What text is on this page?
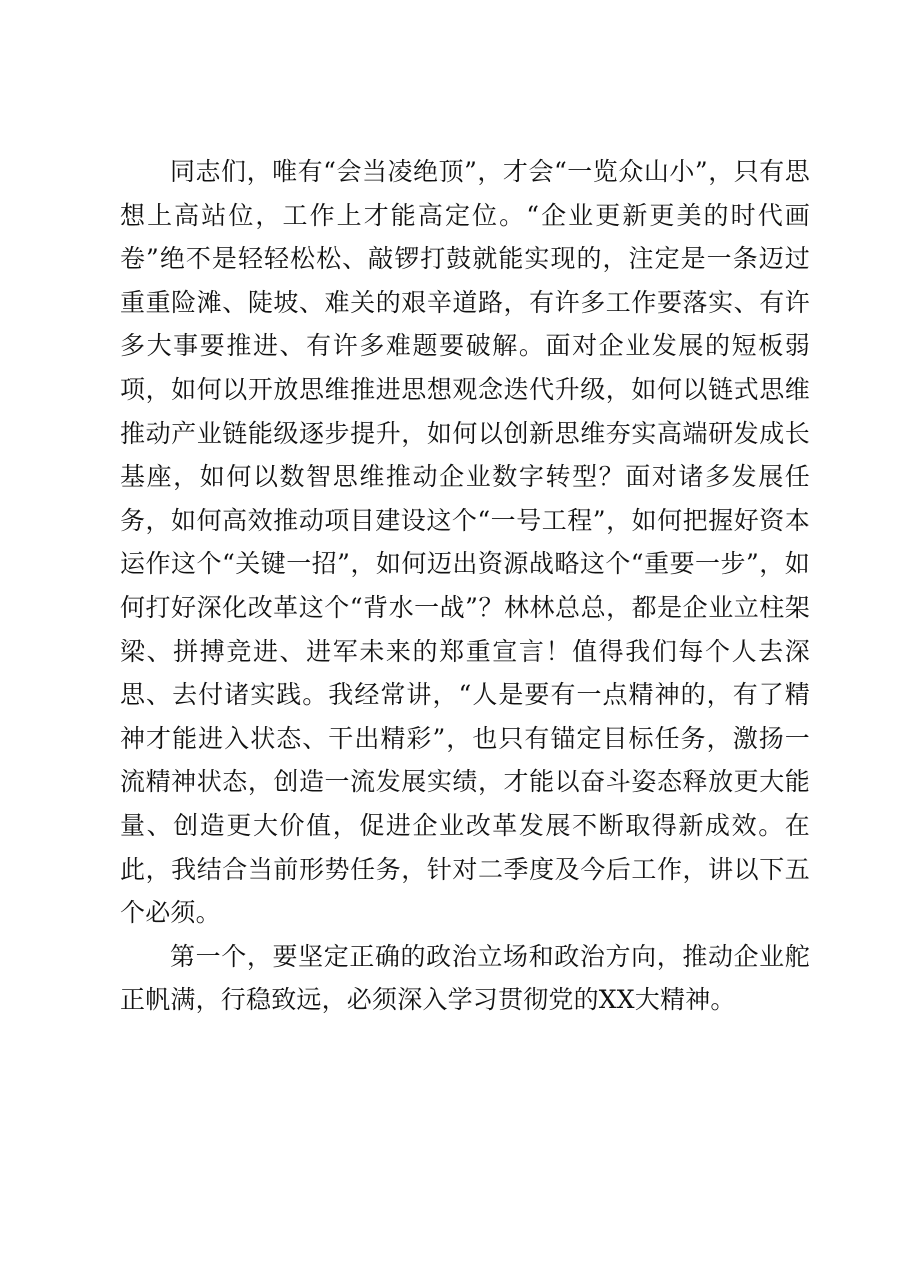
同志们，唯有“会当凌绝顶”，才会“一览众山小”，只有思想上高站位，工作上才能高定位。“企业更新更美的时代画卷”绝不是轻轻松松、敲锣打鼓就能实现的，注定是一条迈过重重险滩、陡坡、难关的艰辛道路，有许多工作要落实、有许多大事要推进、有许多难题要破解。面对企业发展的短板弱项，如何以开放思维推进思想观念迭代升级，如何以链式思维推动产业链能级逐步提升，如何以创新思维夯实高端研发成长基座，如何以数智思维推动企业数字转型？面对诸多发展任务，如何高效推动项目建设这个“一号工程”，如何把握好资本运作这个“关键一招”，如何迈出资源战略这个“重要一步”，如何打好深化改革这个“背水一战”？林林总总，都是企业立柱架梁、拼搏竞进、进军未来的郑重宣言！值得我们每个人去深思、去付诸实践。我经常讲，“人是要有一点精神的，有了精神才能进入状态、干出精彩”，也只有锚定目标任务，激扬一流精神状态，创造一流发展实绩，才能以奋斗姿态释放更大能量、创造更大价值，促进企业改革发展不断取得新成效。在此，我结合当前形势任务，针对二季度及今后工作，讲以下五个必须。

第一个，要坚定正确的政治立场和政治方向，推动企业舵正帆满，行稳致远，必须深入学习贯彻党的XX大精神。
